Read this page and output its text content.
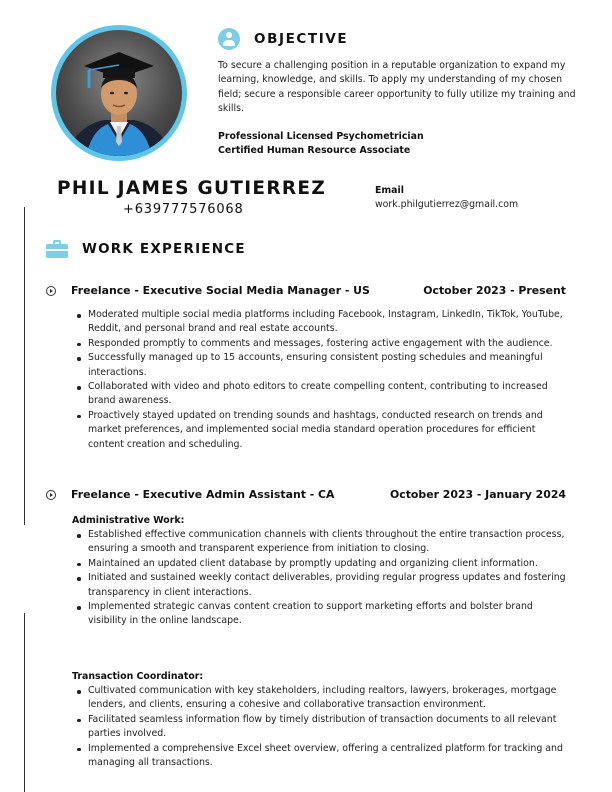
OBJECTIVE

To secure a challenging position in a reputable organization to expand my learning, knowledge, and skills. To apply my understanding of my chosen field; secure a responsible career opportunity to fully utilize my training and skills.

Professional Licensed Psychometrician
Certified Human Resource Associate
PHIL JAMES GUTIERREZ
+639777576068
Email
work.philgutierrez@gmail.com
WORK EXPERIENCE
Freelance - Executive Social Media Manager - US	October 2023 - Present
Moderated multiple social media platforms including Facebook, Instagram, LinkedIn, TikTok, YouTube, Reddit, and personal brand and real estate accounts.
Responded promptly to comments and messages, fostering active engagement with the audience.
Successfully managed up to 15 accounts, ensuring consistent posting schedules and meaningful interactions.
Collaborated with video and photo editors to create compelling content, contributing to increased brand awareness.
Proactively stayed updated on trending sounds and hashtags, conducted research on trends and market preferences, and implemented social media standard operation procedures for efficient content creation and scheduling.
Freelance - Executive Admin Assistant - CA	October 2023 - January 2024
Administrative Work:
Established effective communication channels with clients throughout the entire transaction process, ensuring a smooth and transparent experience from initiation to closing.
Maintained an updated client database by promptly updating and organizing client information.
Initiated and sustained weekly contact deliverables, providing regular progress updates and fostering transparency in client interactions.
Implemented strategic canvas content creation to support marketing efforts and bolster brand visibility in the online landscape.
Transaction Coordinator:
Cultivated communication with key stakeholders, including realtors, lawyers, brokerages, mortgage lenders, and clients, ensuring a cohesive and collaborative transaction environment.
Facilitated seamless information flow by timely distribution of transaction documents to all relevant parties involved.
Implemented a comprehensive Excel sheet overview, offering a centralized platform for tracking and managing all transactions.
